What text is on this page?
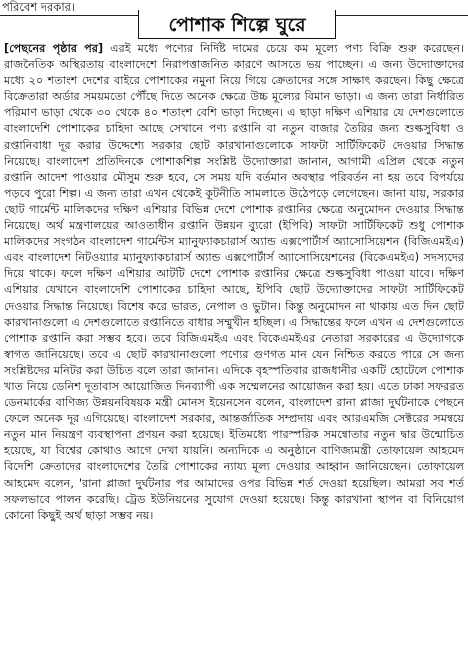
পরিবেশ দরকার।
পোশাক শিল্পে ঘুরে

[পেছনের পৃষ্ঠার পর] এরই মধ্যে পণ্যের নির্দিষ্ট দামের চেয়ে কম মূল্যে পণ্য বিক্রি শুরু করেছেন। রাজনৈতিক অস্থিরতায় বাংলাদেশে নিরাপত্তাজনিত কারণে আসতে ভয় পাচ্ছেন। এ জন্য উদ্যোক্তাদের মধ্যে ২০ শতাংশ দেশের বাইরে পোশাকের নমুনা নিয়ে গিয়ে ক্রেতাদের সঙ্গে সাক্ষাৎ করছেন। কিছু ক্ষেত্রে বিক্রেতারা অর্ডার সময়মতো পৌঁছে দিতে অনেক ক্ষেত্রে উচ্চ মূল্যের বিমান ভাড়া। এ জন্য তারা নির্ধারিত পরিমাণ ভাড়া থেকে ৩০ থেকে ৪০ শতাংশ বেশি ভাড়া দিচ্ছেন। এ ছাড়া দক্ষিণ এশিয়ার যে দেশগুলোতে বাংলাদেশি পোশাকের চাহিদা আছে সেখানে পণ্য রপ্তানি বা নতুন বাজার তৈরির জন্য শুল্কসুবিধা ও রপ্তানিবাধা দূর করার উদ্দেশ্যে সরকার ছোট কারখানাগুলোকে সাফটা সার্টিফিকেট দেওয়ার সিদ্ধান্ত নিয়েছে। বাংলাদেশ প্রতিদিনকে পোশাকশিল্প সংশ্লিষ্ট উদ্যোক্তারা জানান, আগামী এপ্রিল থেকে নতুন রপ্তানি আদেশ পাওয়ার মৌসুম শুরু হবে, সে সময় যদি বর্তমান অবস্থার পরিবর্তন না হয় তবে বিপর্যয়ে পড়বে পুরো শিল্প। এ জন্য তারা এখন থেকেই কূটনীতি সামলাতে উঠেপড়ে লেগেছেন। জানা যায়, সরকার ছোট গার্মেন্ট মালিকদের দক্ষিণ এশিয়ার বিভিন্ন দেশে পোশাক রপ্তানির ক্ষেত্রে অনুমোদন দেওয়ার সিদ্ধান্ত নিয়েছে। অর্থ মন্ত্রণালয়ের আওতাধীন রপ্তানি উন্নয়ন ব্যুরো (ইপিবি) সাফটা সার্টিফিকেট শুধু পোশাক মালিকদের সংগঠন বাংলাদেশ গার্মেন্টস ম্যানুফ্যাকচারার্স অ্যান্ড এক্সপোর্টার্স অ্যাসোসিয়েশন (বিজিএমইএ) এবং বাংলাদেশ নিটওয়্যার ম্যানুফ্যাকচারার্স অ্যান্ড এক্সপোর্টার্স অ্যাসোসিয়েশনের (বিকেএমইএ) সদস্যদের দিয়ে থাকে। ফলে দক্ষিণ এশিয়ার আটটি দেশে পোশাক রপ্তানির ক্ষেত্রে শুল্কসুবিধা পাওয়া যাবে। দক্ষিণ এশিয়ার যেখানে বাংলাদেশি পোশাকের চাহিদা আছে, ইপিবি ছোট উদ্যোক্তাদের সাফটা সার্টিফিকেট দেওয়ার সিদ্ধান্ত নিয়েছে। বিশেষ করে ভারত, নেপাল ও ভুটান। কিন্তু অনুমোদন না থাকায় এত দিন ছোট কারখানাগুলো এ দেশগুলোতে রপ্তানিতে বাধার সম্মুখীন হচ্ছিল। এ সিদ্ধান্তের ফলে এখন এ দেশগুলোতে পোশাক রপ্তানি করা সম্ভব হবে। তবে বিজিএমইএ এবং বিকেএমইএর নেতারা সরকারের এ উদ্যোগকে স্বাগত জানিয়েছে। তবে এ ছোট কারখানাগুলো পণ্যের গুণগত মান যেন নিশ্চিত করতে পারে সে জন্য সংশ্লিষ্টদের মনিটর করা উচিত বলে তারা জানান। এদিকে বৃহস্পতিবার রাজধানীর একটি হোটেলে পোশাক খাত নিয়ে ডেনিশ দূতাবাস আয়োজিত দিনব্যাপী এক সম্মেলনের আয়োজন করা হয়। এতে ঢাকা সফররত ডেনমার্কের বাণিজ্য উন্নয়নবিষয়ক মন্ত্রী মোনস ইয়েনসেন বলেন, বাংলাদেশ রানা প্লাজা দুর্ঘটনাকে পেছনে ফেলে অনেক দূর এগিয়েছে। বাংলাদেশ সরকার, আন্তর্জাতিক সম্প্রদায় এবং আরএমজি সেক্টরের সমন্বয়ে নতুন মান নিয়ন্ত্রণ ব্যবস্থাপনা প্রণয়ন করা হয়েছে। ইতিমধ্যে পারস্পরিক সমন্বোতার নতুন দ্বার উন্মোচিত হয়েছে, যা বিশ্বের কোথাও আগে দেখা যায়নি। অন্যদিকে এ অনুষ্ঠানে বাণিজ্যমন্ত্রী তোফায়েল আহমেদ বিদেশি ক্রেতাদের বাংলাদেশের তৈরি পোশাকের ন্যায্য মূল্য দেওয়ার আহ্বান জানিয়েছেন। তোফায়েল আহমেদ বলেন, 'রানা প্লাজা দুর্ঘটনার পর আমাদের ওপর বিভিন্ন শর্ত দেওয়া হয়েছিল। আমরা সব শর্ত সফলভাবে পালন করেছি। ট্রেড ইউনিয়নের সুযোগ দেওয়া হয়েছে। কিন্তু কারখানা স্থাপন বা বিনিয়োগ কোনো কিছুই অর্থ ছাড়া সম্ভব নয়।
